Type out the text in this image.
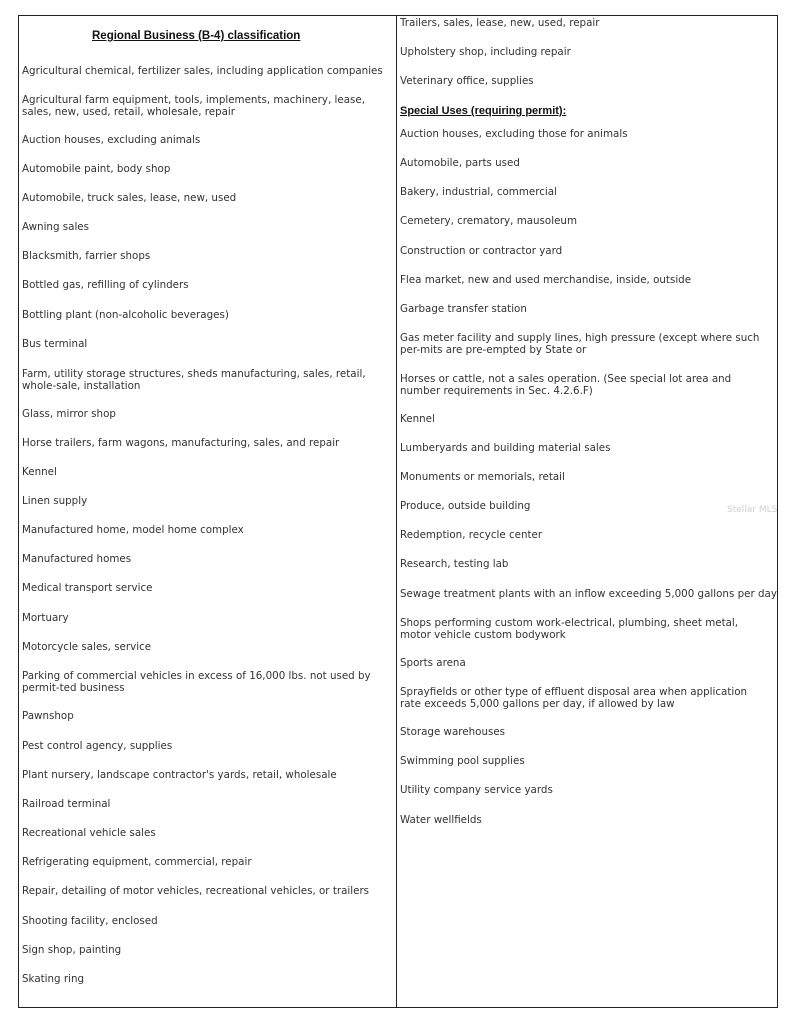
Regional Business (B-4) classification
Agricultural chemical, fertilizer sales, including application companies
Agricultural farm equipment, tools, implements, machinery, lease, sales, new, used, retail, wholesale, repair
Auction houses, excluding animals
Automobile paint, body shop
Automobile, truck sales, lease, new, used
Awning sales
Blacksmith, farrier shops
Bottled gas, refilling of cylinders
Bottling plant (non-alcoholic beverages)
Bus terminal
Farm, utility storage structures, sheds manufacturing, sales, retail, whole-sale, installation
Glass, mirror shop
Horse trailers, farm wagons, manufacturing, sales, and repair
Kennel
Linen supply
Manufactured home, model home complex
Manufactured homes
Medical transport service
Mortuary
Motorcycle sales, service
Parking of commercial vehicles in excess of 16,000 lbs. not used by permit-ted business
Pawnshop
Pest control agency, supplies
Plant nursery, landscape contractor's yards, retail, wholesale
Railroad terminal
Recreational vehicle sales
Refrigerating equipment, commercial, repair
Repair, detailing of motor vehicles, recreational vehicles, or trailers
Shooting facility, enclosed
Sign shop, painting
Skating ring
Trailers, sales, lease, new, used, repair
Upholstery shop, including repair
Veterinary office, supplies
Special Uses (requiring permit):
Auction houses, excluding those for animals
Automobile, parts used
Bakery, industrial, commercial
Cemetery, crematory, mausoleum
Construction or contractor yard
Flea market, new and used merchandise, inside, outside
Garbage transfer station
Gas meter facility and supply lines, high pressure (except where such per-mits are pre-empted by State or
Horses or cattle, not a sales operation. (See special lot area and number requirements in Sec. 4.2.6.F)
Kennel
Lumberyards and building material sales
Monuments or memorials, retail
Produce, outside building
Redemption, recycle center
Research, testing lab
Sewage treatment plants with an inflow exceeding 5,000 gallons per day
Shops performing custom work-electrical, plumbing, sheet metal, motor vehicle custom bodywork
Sports arena
Sprayfields or other type of effluent disposal area when application rate exceeds 5,000 gallons per day, if allowed by law
Storage warehouses
Swimming pool supplies
Utility company service yards
Water wellfields
Stellar MLS
